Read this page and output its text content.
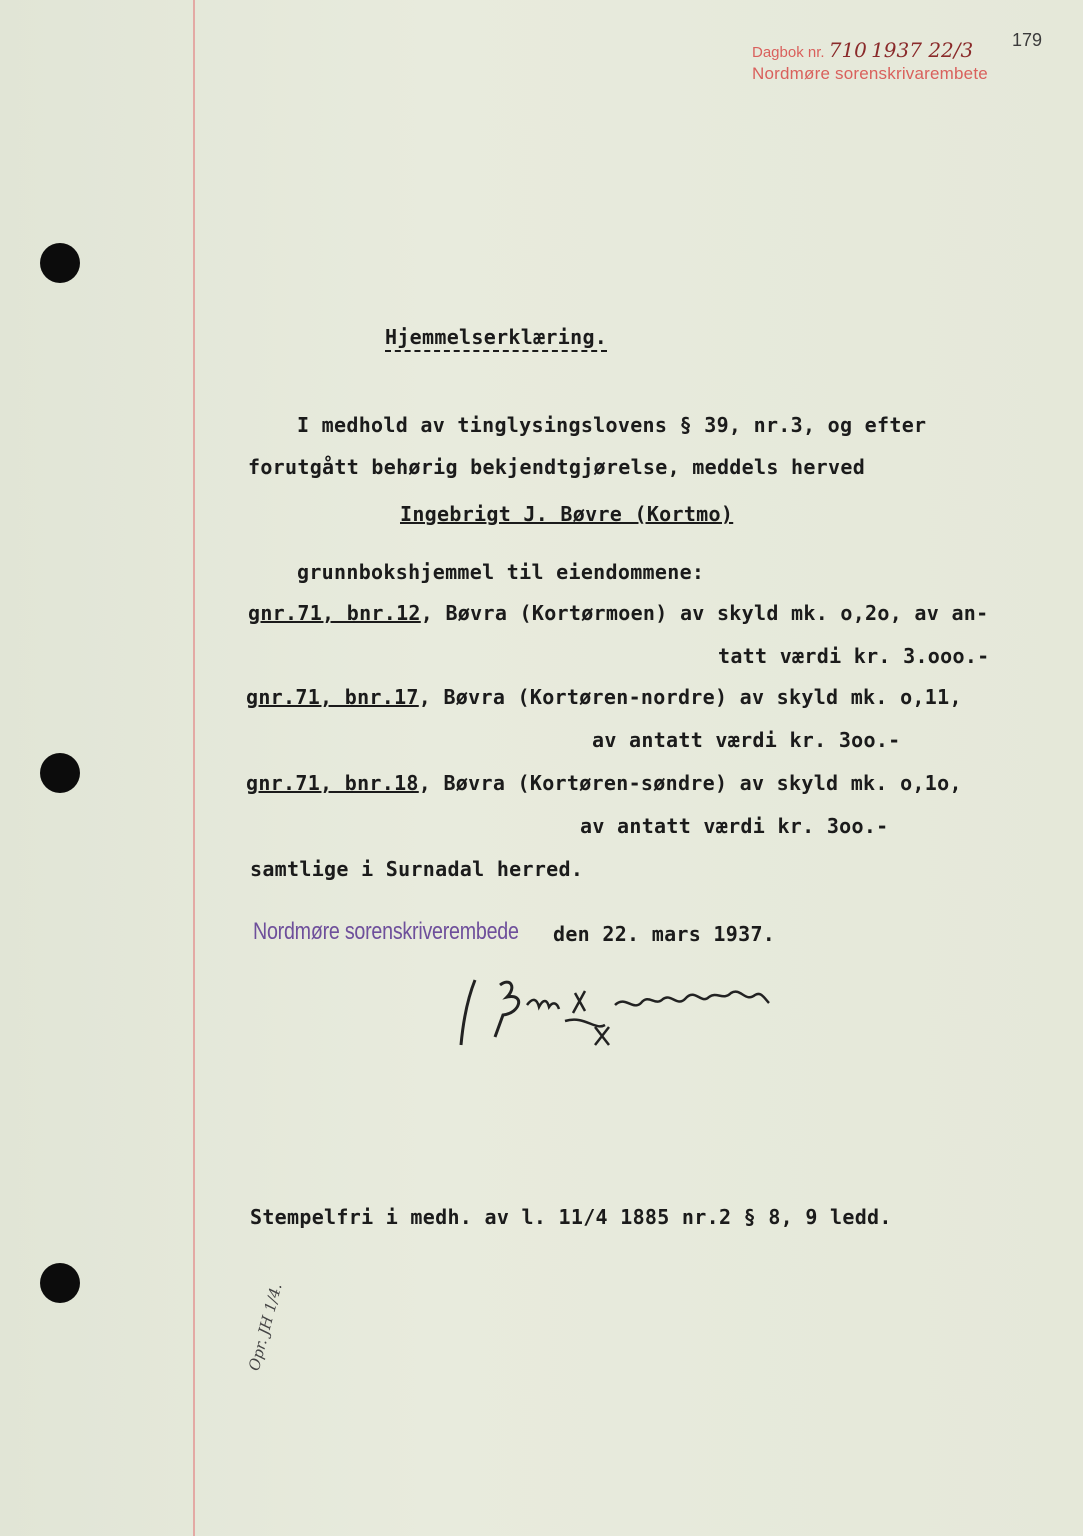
Dagbok nr. 710 1937 22/3
Nordmøre sorenskrivarembete
179
Hjemmelserklæring.
I medhold av tinglysingslovens § 39, nr.3, og efter
forutgått behørig bekjendtgjørelse, meddels herved
Ingebrigt J. Bøvre (Kortmo)
grunnbokshjemmel til eiendommene:
gnr.71, bnr.12, Bøvra (Kortørmoen) av skyld mk. o,2o, av an-
tatt værdi kr. 3.ooo.-
gnr.71, bnr.17, Bøvra (Kortøren-nordre) av skyld mk. o,11,
av antatt værdi kr. 3oo.-
gnr.71, bnr.18, Bøvra (Kortøren-søndre) av skyld mk. o,1o,
av antatt værdi kr. 3oo.-
samtlige i Surnadal herred.
Nordmøre sorenskriverembede den 22. mars 1937.
Stempelfri i medh. av l. 11/4 1885 nr.2 § 8, 9 ledd.
Opr. JH 1/4.
